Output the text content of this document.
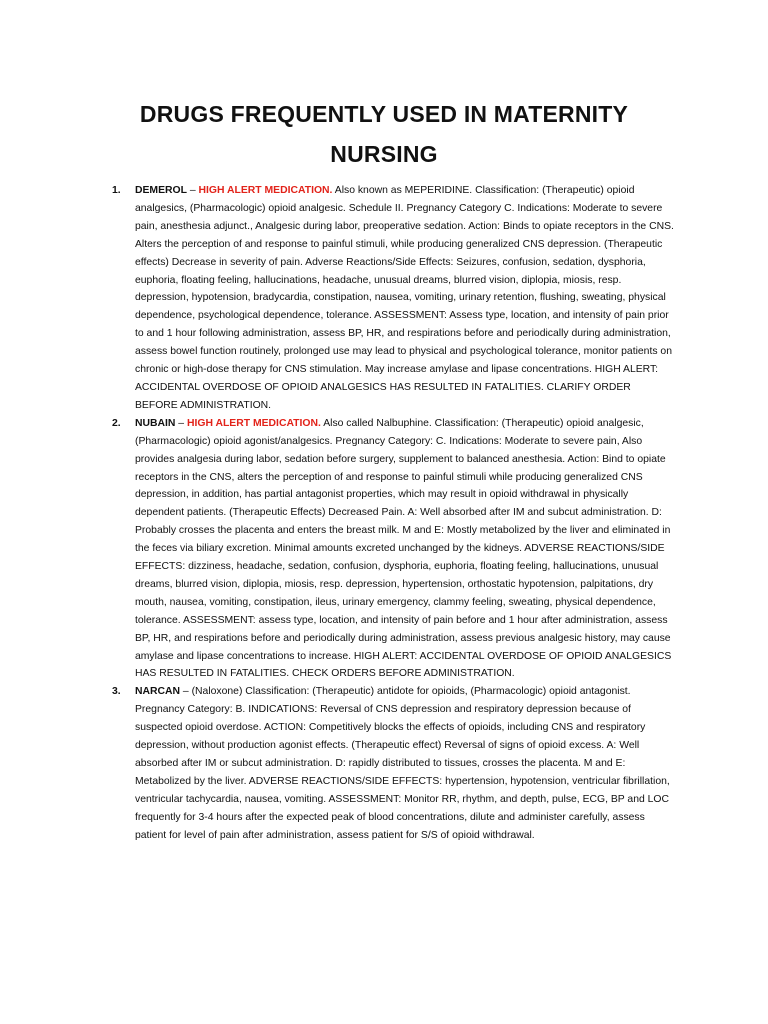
DRUGS FREQUENTLY USED IN MATERNITY
NURSING
1. DEMEROL – HIGH ALERT MEDICATION. Also known as MEPERIDINE. Classification: (Therapeutic) opioid analgesics, (Pharmacologic) opioid analgesic. Schedule II. Pregnancy Category C. Indications: Moderate to severe pain, anesthesia adjunct., Analgesic during labor, preoperative sedation. Action: Binds to opiate receptors in the CNS. Alters the perception of and response to painful stimuli, while producing generalized CNS depression. (Therapeutic effects) Decrease in severity of pain. Adverse Reactions/Side Effects: Seizures, confusion, sedation, dysphoria, euphoria, floating feeling, hallucinations, headache, unusual dreams, blurred vision, diplopia, miosis, resp. depression, hypotension, bradycardia, constipation, nausea, vomiting, urinary retention, flushing, sweating, physical dependence, psychological dependence, tolerance. ASSESSMENT: Assess type, location, and intensity of pain prior to and 1 hour following administration, assess BP, HR, and respirations before and periodically during administration, assess bowel function routinely, prolonged use may lead to physical and psychological tolerance, monitor patients on chronic or high-dose therapy for CNS stimulation. May increase amylase and lipase concentrations. HIGH ALERT: ACCIDENTAL OVERDOSE OF OPIOID ANALGESICS HAS RESULTED IN FATALITIES. CLARIFY ORDER BEFORE ADMINISTRATION.
2. NUBAIN – HIGH ALERT MEDICATION. Also called Nalbuphine. Classification: (Therapeutic) opioid analgesic, (Pharmacologic) opioid agonist/analgesics. Pregnancy Category: C. Indications: Moderate to severe pain, Also provides analgesia during labor, sedation before surgery, supplement to balanced anesthesia. Action: Bind to opiate receptors in the CNS, alters the perception of and response to painful stimuli while producing generalized CNS depression, in addition, has partial antagonist properties, which may result in opioid withdrawal in physically dependent patients. (Therapeutic Effects) Decreased Pain. A: Well absorbed after IM and subcut administration. D: Probably crosses the placenta and enters the breast milk. M and E: Mostly metabolized by the liver and eliminated in the feces via biliary excretion. Minimal amounts excreted unchanged by the kidneys. ADVERSE REACTIONS/SIDE EFFECTS: dizziness, headache, sedation, confusion, dysphoria, euphoria, floating feeling, hallucinations, unusual dreams, blurred vision, diplopia, miosis, resp. depression, hypertension, orthostatic hypotension, palpitations, dry mouth, nausea, vomiting, constipation, ileus, urinary emergency, clammy feeling, sweating, physical dependence, tolerance. ASSESSMENT: assess type, location, and intensity of pain before and 1 hour after administration, assess BP, HR, and respirations before and periodically during administration, assess previous analgesic history, may cause amylase and lipase concentrations to increase. HIGH ALERT: ACCIDENTAL OVERDOSE OF OPIOID ANALGESICS HAS RESULTED IN FATALITIES. CHECK ORDERS BEFORE ADMINISTRATION.
3. NARCAN – (Naloxone) Classification: (Therapeutic) antidote for opioids, (Pharmacologic) opioid antagonist. Pregnancy Category: B. INDICATIONS: Reversal of CNS depression and respiratory depression because of suspected opioid overdose. ACTION: Competitively blocks the effects of opioids, including CNS and respiratory depression, without production agonist effects. (Therapeutic effect) Reversal of signs of opioid excess. A: Well absorbed after IM or subcut administration. D: rapidly distributed to tissues, crosses the placenta. M and E: Metabolized by the liver. ADVERSE REACTIONS/SIDE EFFECTS: hypertension, hypotension, ventricular fibrillation, ventricular tachycardia, nausea, vomiting. ASSESSMENT: Monitor RR, rhythm, and depth, pulse, ECG, BP and LOC frequently for 3-4 hours after the expected peak of blood concentrations, dilute and administer carefully, assess patient for level of pain after administration, assess patient for S/S of opioid withdrawal.
